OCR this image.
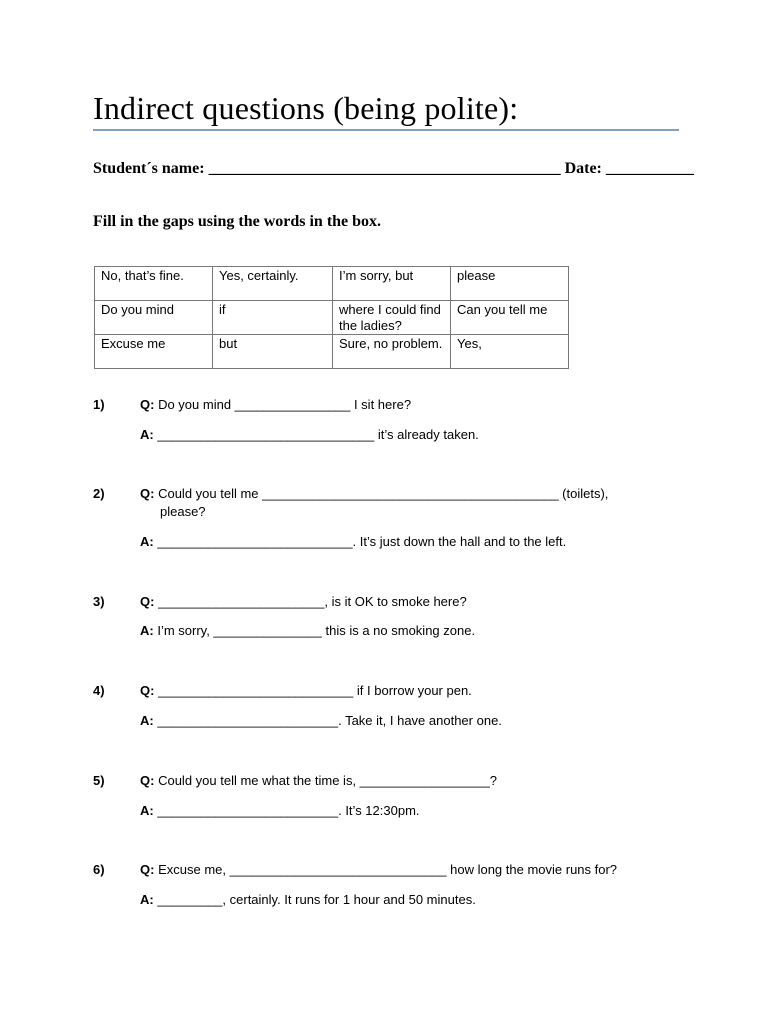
Indirect questions (being polite):
Student´s name: ____________________________________________ Date: ___________
Fill in the gaps using the words in the box.
No, that’s fine.	Yes, certainly.	I’m sorry, but	please
Do you mind	if	where I could find the ladies?	Can you tell me
Excuse me	but	Sure, no problem.	Yes,
1)	Q: Do you mind ________________ I sit here?
A: ______________________________ it’s already taken.
2)	Q: Could you tell me _________________________________________ (toilets),
please?
A: ___________________________. It’s just down the hall and to the left.
3)	Q: _______________________, is it OK to smoke here?
A: I’m sorry, _______________ this is a no smoking zone.
4)	Q: ___________________________ if I borrow your pen.
A: _________________________. Take it, I have another one.
5)	Q: Could you tell me what the time is, __________________?
A: _________________________. It’s 12:30pm.
6)	Q: Excuse me, ______________________________ how long the movie runs for?
A: _________, certainly. It runs for 1 hour and 50 minutes.
